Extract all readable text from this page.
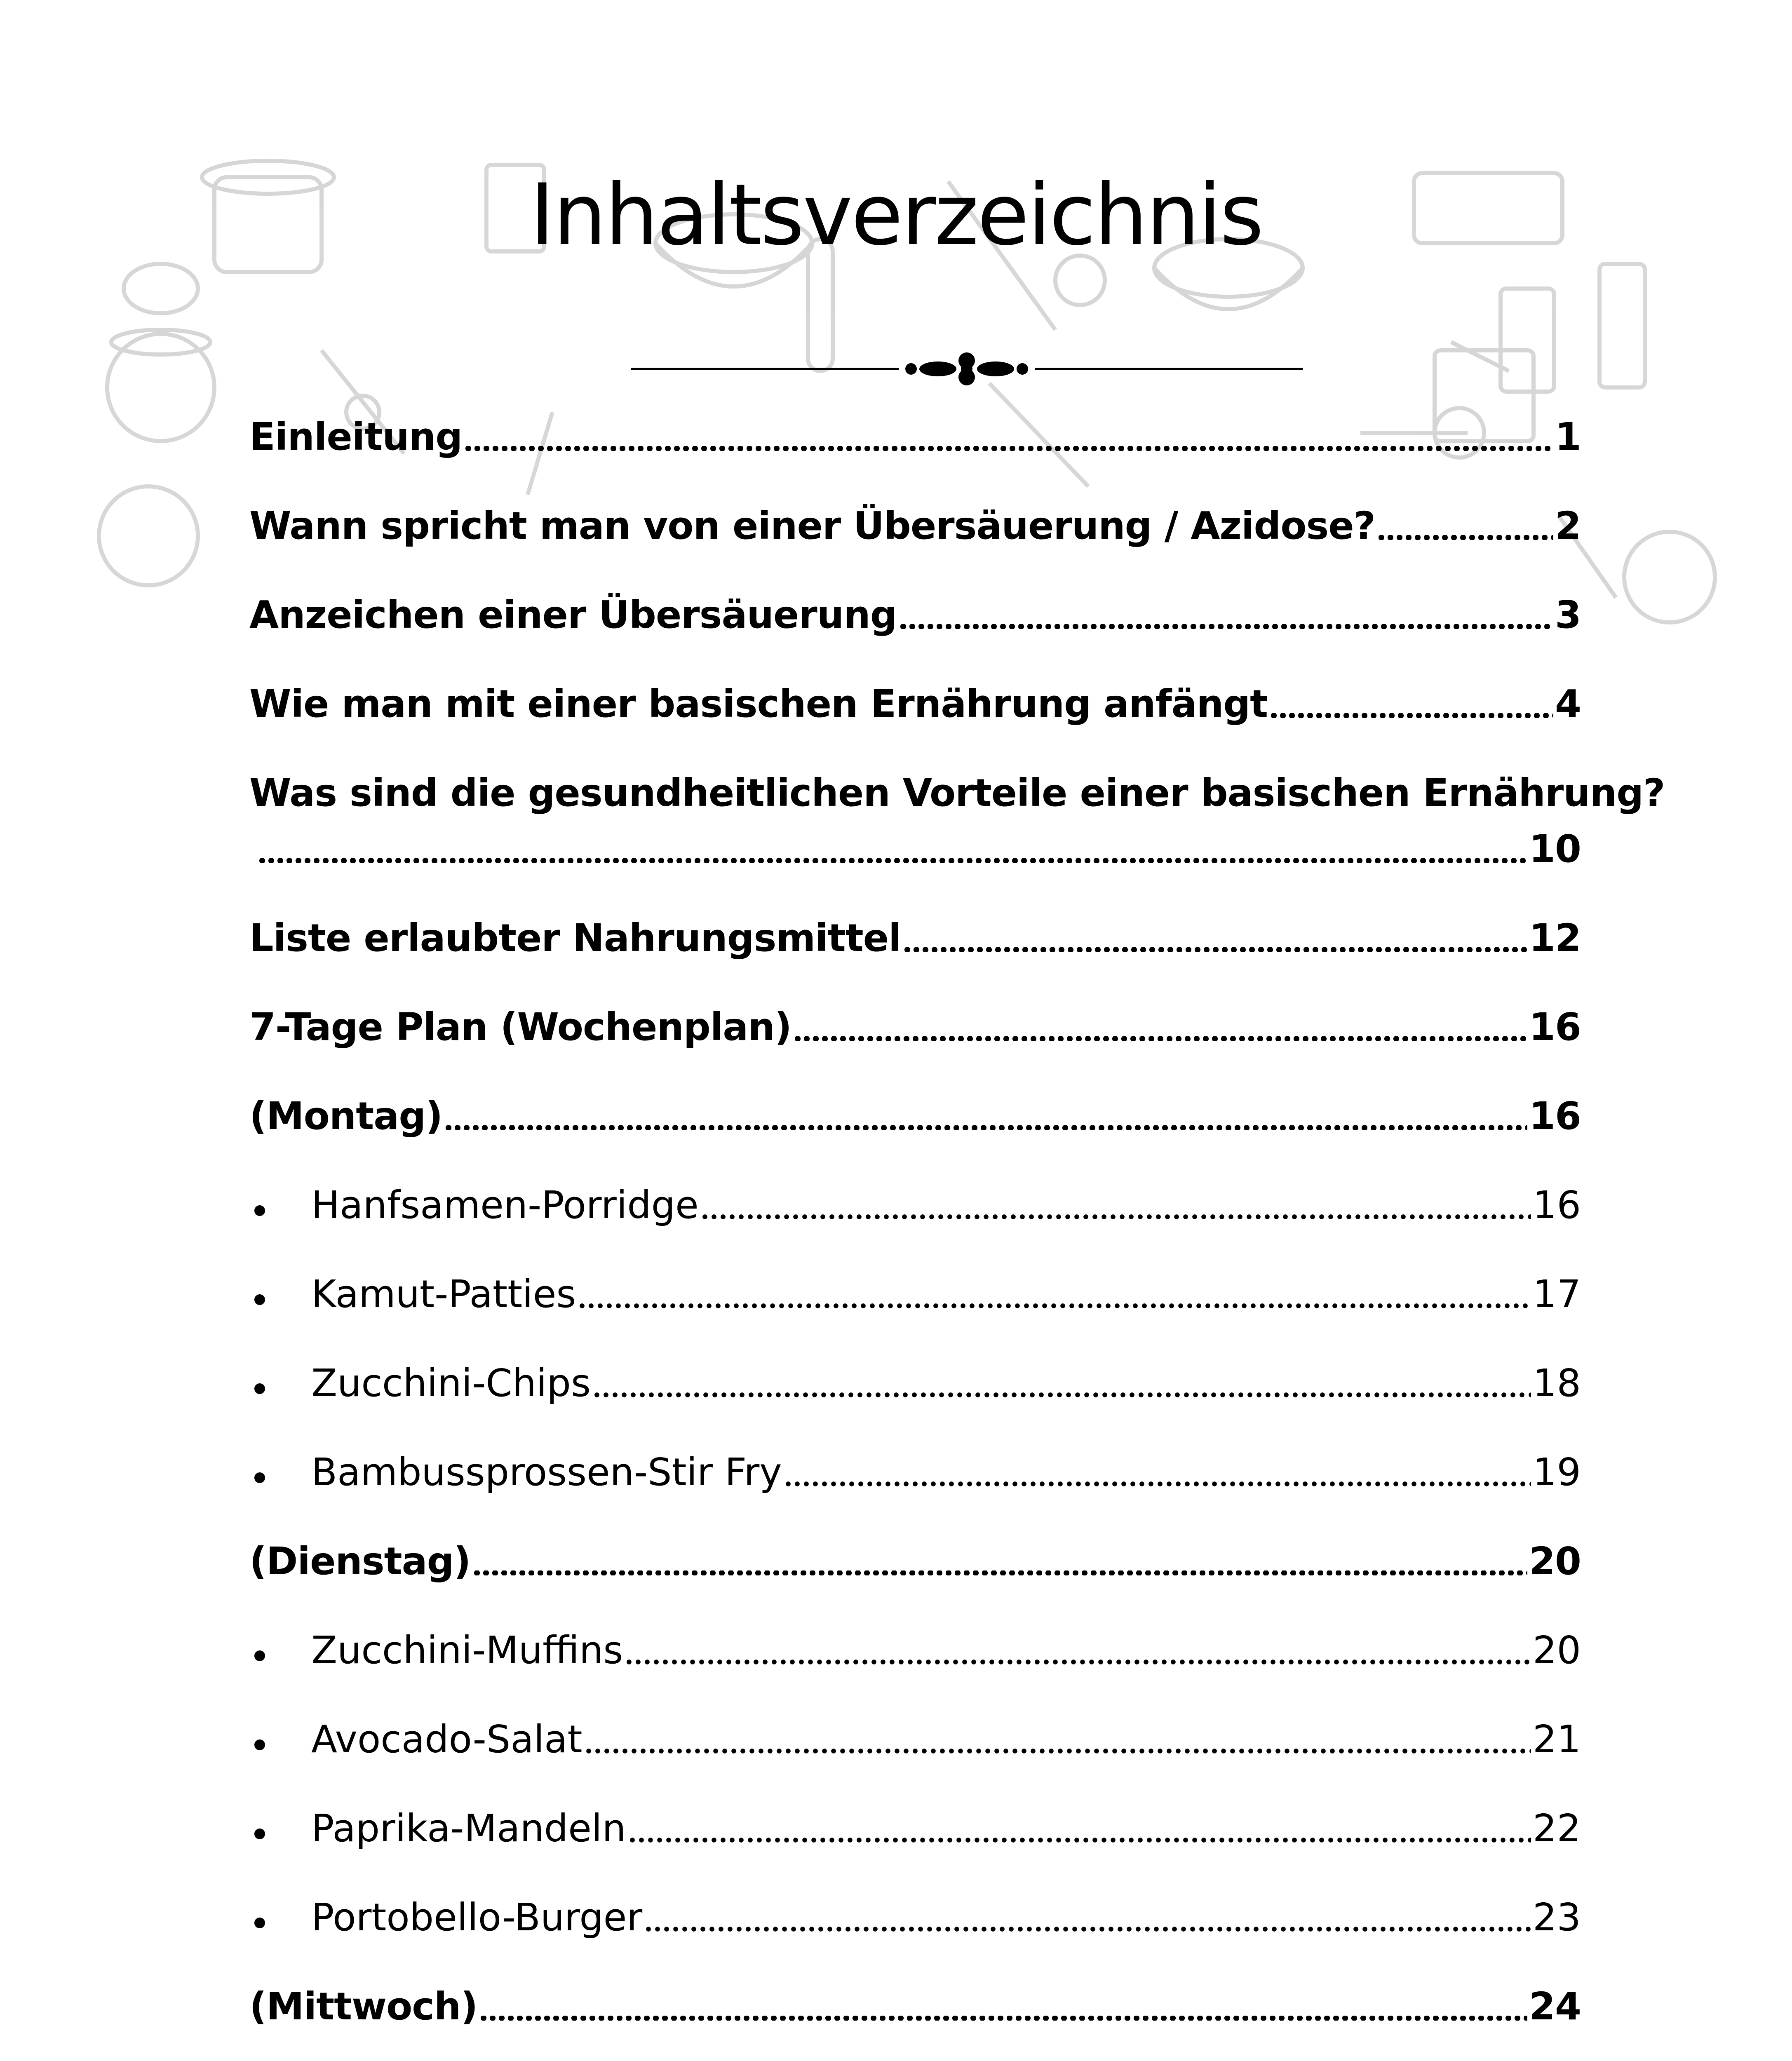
Inhaltsverzeichnis
Einleitung	1
Wann spricht man von einer Übersäuerung / Azidose?	2
Anzeichen einer Übersäuerung	3
Wie man mit einer basischen Ernährung anfängt	4
Was sind die gesundheitlichen Vorteile einer basischen Ernährung?
10
Liste erlaubter Nahrungsmittel	12
7-Tage Plan (Wochenplan)	16
(Montag)	16
Hanfsamen-Porridge	16
Kamut-Patties	17
Zucchini-Chips	18
Bambussprossen-Stir Fry	19
(Dienstag)	20
Zucchini-Muffins	20
Avocado-Salat	21
Paprika-Mandeln	22
Portobello-Burger	23
(Mittwoch)	24
